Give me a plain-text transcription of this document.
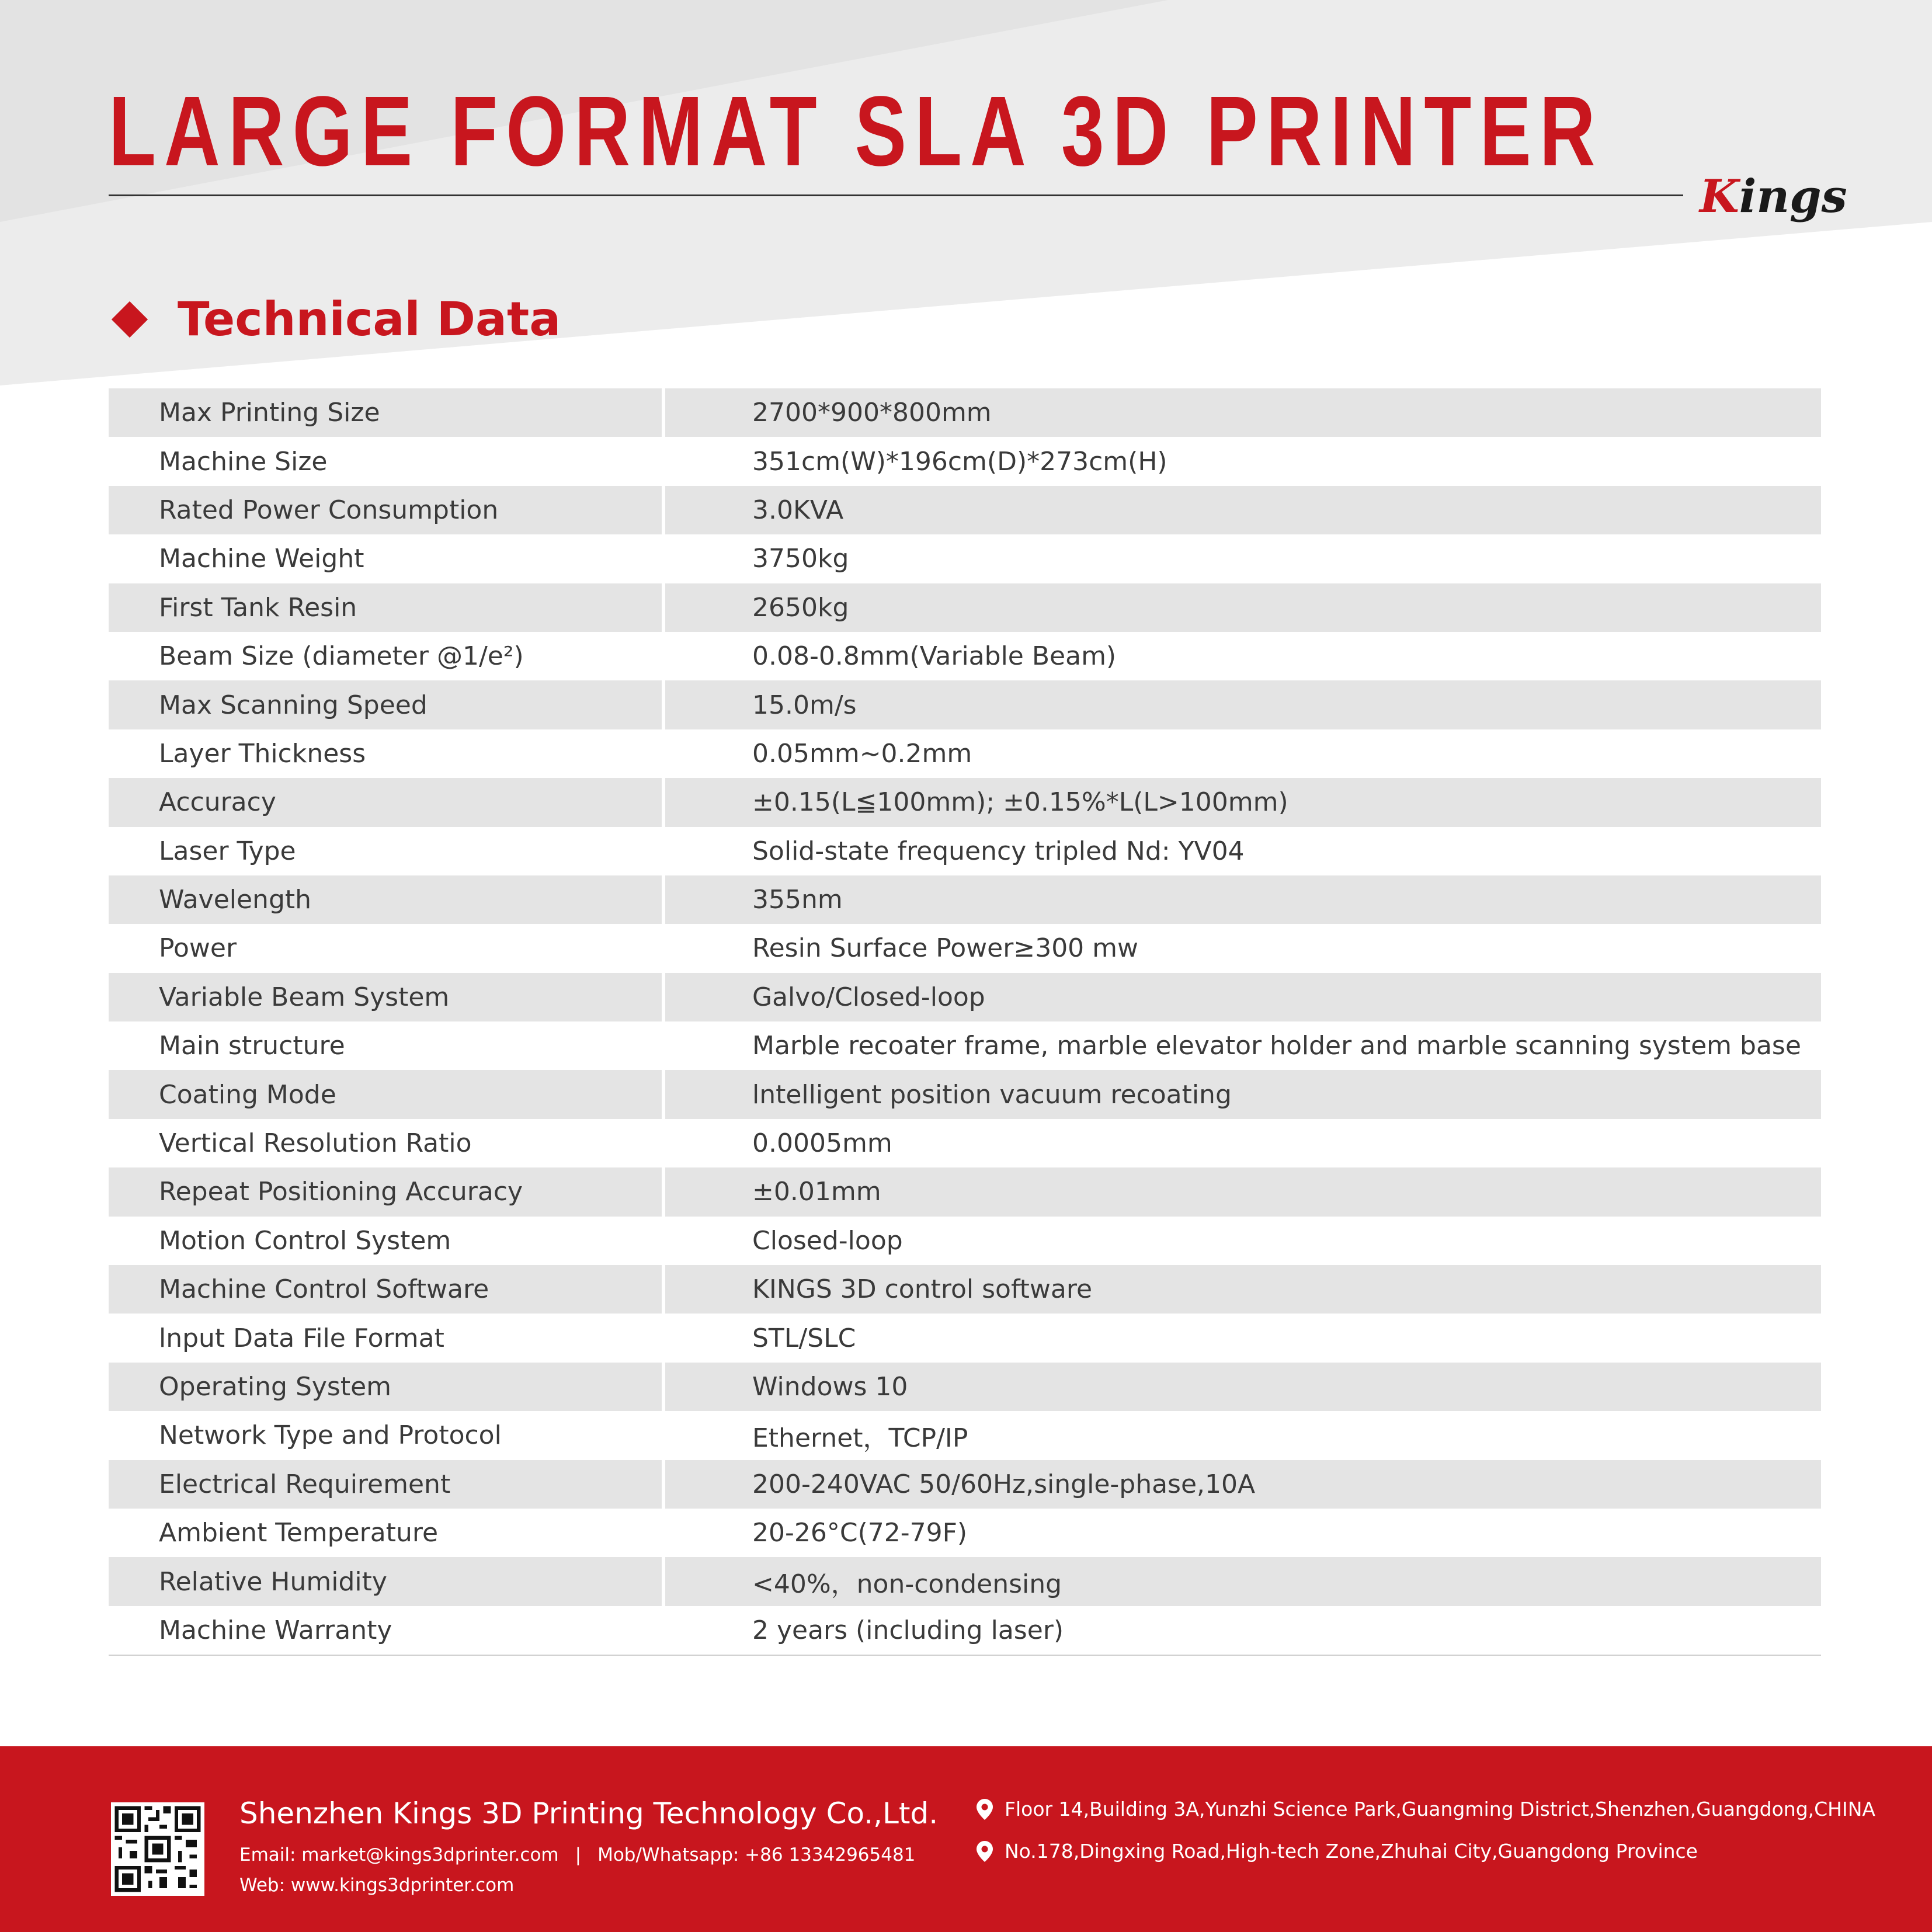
LARGE FORMAT SLA 3D PRINTER
Kings
Technical Data
Max Printing Size	2700*900*800mm
Machine Size	351cm(W)*196cm(D)*273cm(H)
Rated Power Consumption	3.0KVA
Machine Weight	3750kg
First Tank Resin	2650kg
Beam Size (diameter @1/e²)	0.08-0.8mm(Variable Beam)
Max Scanning Speed	15.0m/s
Layer Thickness	0.05mm~0.2mm
Accuracy	±0.15(L≦100mm); ±0.15%*L(L>100mm)
Laser Type	Solid-state frequency tripled Nd: YV04
Wavelength	355nm
Power	Resin Surface Power≥300 mw
Variable Beam System	Galvo/Closed-loop
Main structure	Marble recoater frame, marble elevator holder and marble scanning system base
Coating Mode	lntelligent position vacuum recoating
Vertical Resolution Ratio	0.0005mm
Repeat Positioning Accuracy	±0.01mm
Motion Control System	Closed-loop
Machine Control Software	KINGS 3D control software
lnput Data File Format	STL/SLC
Operating System	Windows 10
Network Type and Protocol	Ethernet，TCP/IP
Electrical Requirement	200-240VAC 50/60Hz,single-phase,10A
Ambient Temperature	20-26°C(72-79F)
Relative Humidity	<40%，non-condensing
Machine Warranty	2 years (including laser)
Shenzhen Kings 3D Printing Technology Co.,Ltd.
Email: market@kings3dprinter.com | Mob/Whatsapp: +86 13342965481
Web: www.kings3dprinter.com
Floor 14,Building 3A,Yunzhi Science Park,Guangming District,Shenzhen,Guangdong,CHINA
No.178,Dingxing Road,High-tech Zone,Zhuhai City,Guangdong Province
